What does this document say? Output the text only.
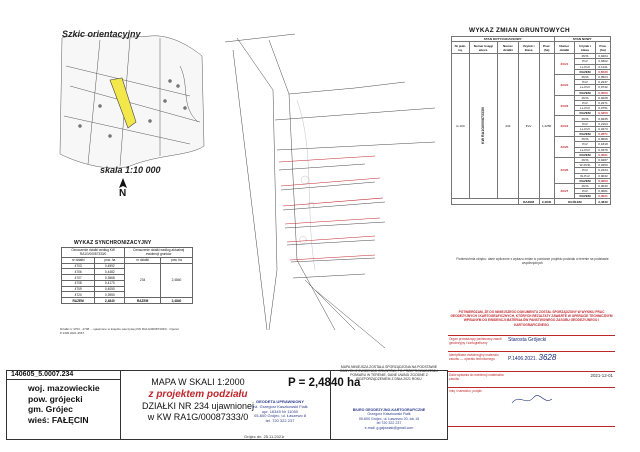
Szkic orientacyjny
skala 1:10 000
N
WYKAZ SYNCHRONIZACYJNY
Oznaczenie działki według KW RA1G/00087333/0		Oznaczenie działki według aktualnej ewidencji gruntów	
nr działki	pow. ha	nr działki	pow. ha
4703	0,4992	234	2,4840
4706	0,4482		
4707	0,3568		
4708	0,4170		
4709	0,4050		
4720	0,3950		
RAZEM	2,4840	RAZEM	2,4840
Działki nr 4703 - 4708 ... ujawnione w księdze wieczystej KW RA1G/00087333/0 - Operat P.1406.2021.2567
WYKAZ ZMIAN GRUNTOWYCH
STAN DOTYCHCZASOWY					STAN NOWY		
Nr jedn. rej.	Numer księgi wiecz.	Numer działki	Użytek i klasa	Pow. (ha)	Numer działki	Użytek i klasa	Pow. (ha)
G.103	KW RA1G/00087333/0	234	PsV	1,4250	234/1	RVIb	0,0204
						PsV	0,0362
						Ls-PsV	0,1141
						RAZEM	0,6530
					234/2	RVIb	0,0524
						PsV	0,2237
						Ls-PsV	0,0742
						RAZEM	0,3503
					234/3	RVIb	0,0228
						PsV	0,2271
						Ls-PsV	0,0751
						RAZEM	0,3250
					234/4	RVIb	0,0235
						PsV	0,2164
						Ls-PsV	0,0473
						RAZEM	0,2871
					234/5	RVIb	0,0606
						PsV	0,1818
						Ls-PsV	0,0376
						RAZEM	0,3061
					234/6	RVIb	0,0287
						W-RVIb	0,0250
						PsV	0,2434
						W-PsV	0,0032
						RAZEM	0,3003
					234/7	RVIb	0,0040
						PsV	0,3001
						RAZEM	0,3021
			RAZEM	2,4840	OGÓŁEM		2,4840
Powierzchnia obrębu: dane wyliczone z wykazu zmian w pomiarze projektu podziału w terenie na podstawie współrzędnych
POTWIERDZAM, ŻE DO NINIEJSZEGO DOKUMENTU ZOSTAŁ SPORZĄDZONY W WYNIKU PRAC GEODEZYJNYCH I KARTOGRAFICZNYCH, KTÓRYCH REZULTATY ZAWARTE W OPERACIE TECHNICZNYM WPISANYM DO EWIDENCJI MATERIAŁÓW PAŃSTWOWEGO ZASOBU GEODEZYJNEGO I KARTOGRAFICZNEGO
Organ prowadzący państwowy zasób geodezyjny i kartograficzny	Starosta Grójecki
Identyfikator ewidencyjny materiału zasobu — operatu technicznego	P.1406.2021. 3628
Data wpisania do ewidencji materiałów zasobu
2021-12-01
Imię i nazwisko, podpis
140605_5.0007.234
woj. mazowieckie
pow. grójecki
gm. Grójec
wieś: FAŁĘCIN
MAPA W SKALI 1:2000
z projektem podziału
DZIAŁKI NR 234 ujawnionej
w KW RA1G/00087333/0
P = 2,4840 ha
GEODETA UPRAWNIONY
inż. Grzegorz Kaszkowski Fiałk
upr. 16349 Nr 11050
05-600 Grójec, ul. Łaszewo 8
tel. 720 322 237
Grójec dn. 25.11.2021r
MAPA NINIEJSZA ZOSTAŁA SPORZĄDZONA NA PODSTAWIE DANYCH Z EWIDENCJI GRUNTÓW, PO PRZEPROWADZENIU POMIARU W TERENIE, DANE UWAGI ZGODNE Z ROZPORZĄDZENIEM Z DNIA 2021 ROKU
BIURO GEODEZYJNO-KARTOGRAFICZNE
Grzegorz Kaszkowski Fiałk
05-600 Grójec, ul. Łaszewo 20, lok.15
tel 720 322 237
e-mail: g.gajowiak@gmail.com
